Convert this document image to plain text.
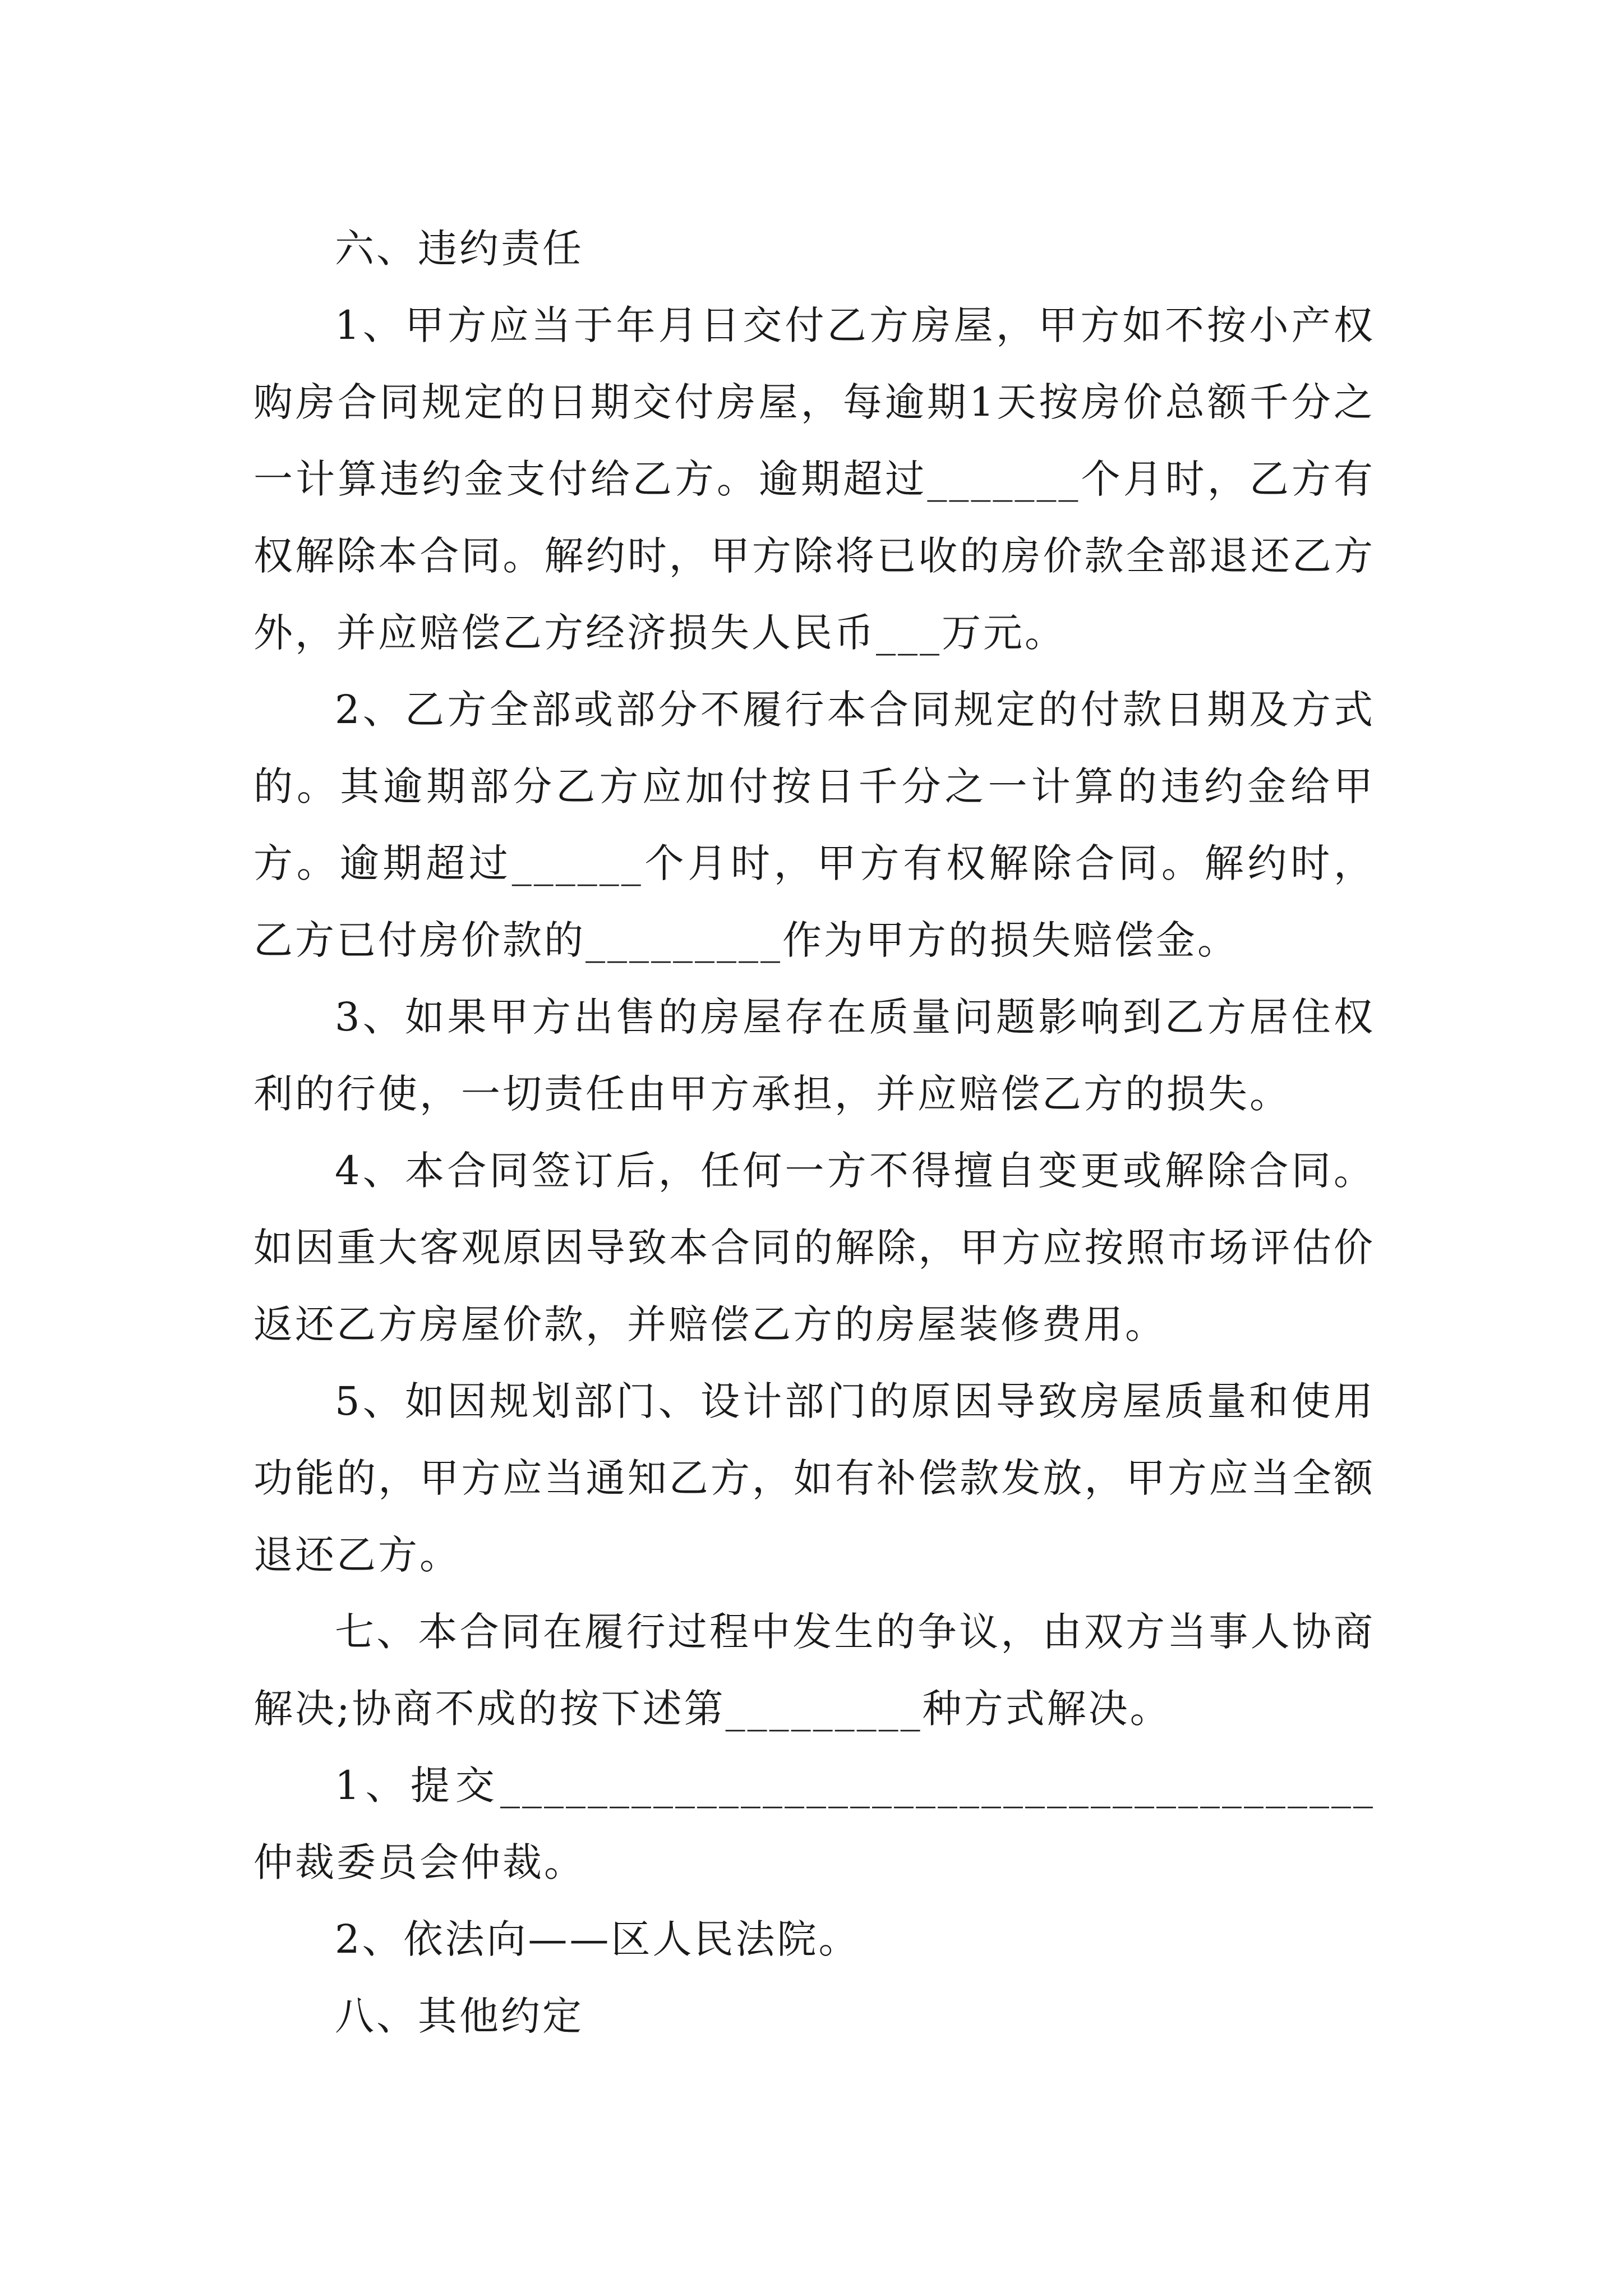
六、违约责任

1、甲方应当于年月日交付乙方房屋，甲方如不按小产权购房合同规定的日期交付房屋，每逾期1天按房价总额千分之一计算违约金支付给乙方。逾期超过_______个月时，乙方有权解除本合同。解约时，甲方除将已收的房价款全部退还乙方外，并应赔偿乙方经济损失人民币___万元。

2、乙方全部或部分不履行本合同规定的付款日期及方式的。其逾期部分乙方应加付按日千分之一计算的违约金给甲方。逾期超过______个月时，甲方有权解除合同。解约时，乙方已付房价款的_________作为甲方的损失赔偿金。

3、如果甲方出售的房屋存在质量问题影响到乙方居住权利的行使，一切责任由甲方承担，并应赔偿乙方的损失。

4、本合同签订后，任何一方不得擅自变更或解除合同。如因重大客观原因导致本合同的解除，甲方应按照市场评估价返还乙方房屋价款，并赔偿乙方的房屋装修费用。

5、如因规划部门、设计部门的原因导致房屋质量和使用功能的，甲方应当通知乙方，如有补偿款发放，甲方应当全额退还乙方。

七、本合同在履行过程中发生的争议，由双方当事人协商解决;协商不成的按下述第_________种方式解决。

1、提交________________________________________仲裁委员会仲裁。

2、依法向——区人民法院。

八、其他约定
